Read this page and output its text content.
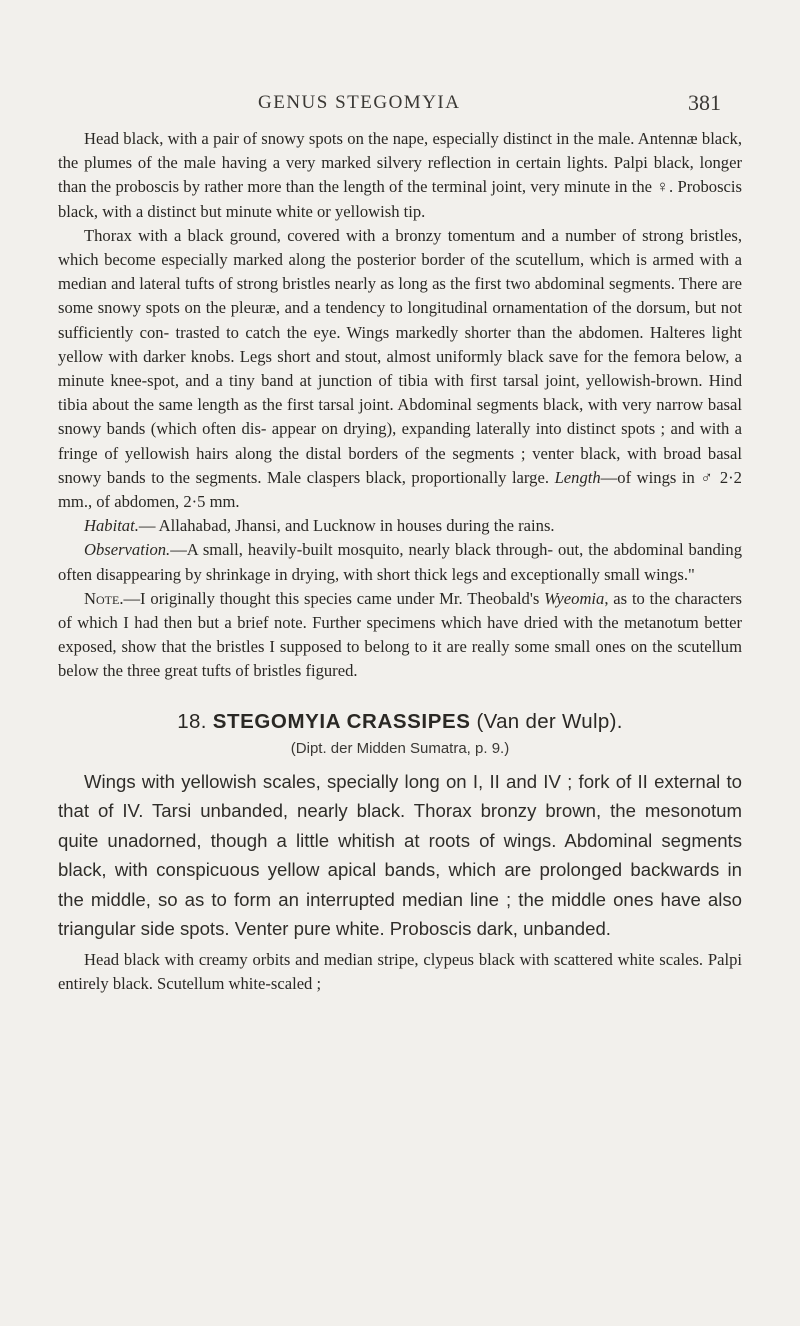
GENUS STEGOMYIA	381

Head black, with a pair of snowy spots on the nape, especially distinct in the male. Antennæ black, the plumes of the male having a very marked silvery reflection in certain lights. Palpi black, longer than the proboscis by rather more than the length of the terminal joint, very minute in the ♀. Proboscis black, with a distinct but minute white or yellowish tip.

Thorax with a black ground, covered with a bronzy tomentum and a number of strong bristles, which become especially marked along the posterior border of the scutellum, which is armed with a median and lateral tufts of strong bristles nearly as long as the first two abdominal segments. There are some snowy spots on the pleuræ, and a tendency to longitudinal ornamentation of the dorsum, but not sufficiently con- trasted to catch the eye. Wings markedly shorter than the abdomen. Halteres light yellow with darker knobs. Legs short and stout, almost uniformly black save for the femora below, a minute knee-spot, and a tiny band at junction of tibia with first tarsal joint, yellowish-brown. Hind tibia about the same length as the first tarsal joint. Abdominal segments black, with very narrow basal snowy bands (which often dis- appear on drying), expanding laterally into distinct spots ; and with a fringe of yellowish hairs along the distal borders of the segments ; venter black, with broad basal snowy bands to the segments. Male claspers black, proportionally large. Length—of wings in ♂ 2·2 mm., of abdomen, 2·5 mm.

Habitat.— Allahabad, Jhansi, and Lucknow in houses during the rains.

Observation.—A small, heavily-built mosquito, nearly black through- out, the abdominal banding often disappearing by shrinkage in drying, with short thick legs and exceptionally small wings."

Note.—I originally thought this species came under Mr. Theobald's Wyeomia, as to the characters of which I had then but a brief note. Further specimens which have dried with the metanotum better exposed, show that the bristles I supposed to belong to it are really some small ones on the scutellum below the three great tufts of bristles figured.

18. STEGOMYIA CRASSIPES (Van der Wulp).
(Dipt. der Midden Sumatra, p. 9.)

Wings with yellowish scales, specially long on I, II and IV ; fork of II external to that of IV. Tarsi unbanded, nearly black. Thorax bronzy brown, the mesonotum quite unadorned, though a little whitish at roots of wings. Abdominal segments black, with conspicuous yellow apical bands, which are prolonged backwards in the middle, so as to form an interrupted median line ; the middle ones have also triangular side spots. Venter pure white. Proboscis dark, unbanded.

Head black with creamy orbits and median stripe, clypeus black with scattered white scales. Palpi entirely black. Scutellum white-scaled ;
